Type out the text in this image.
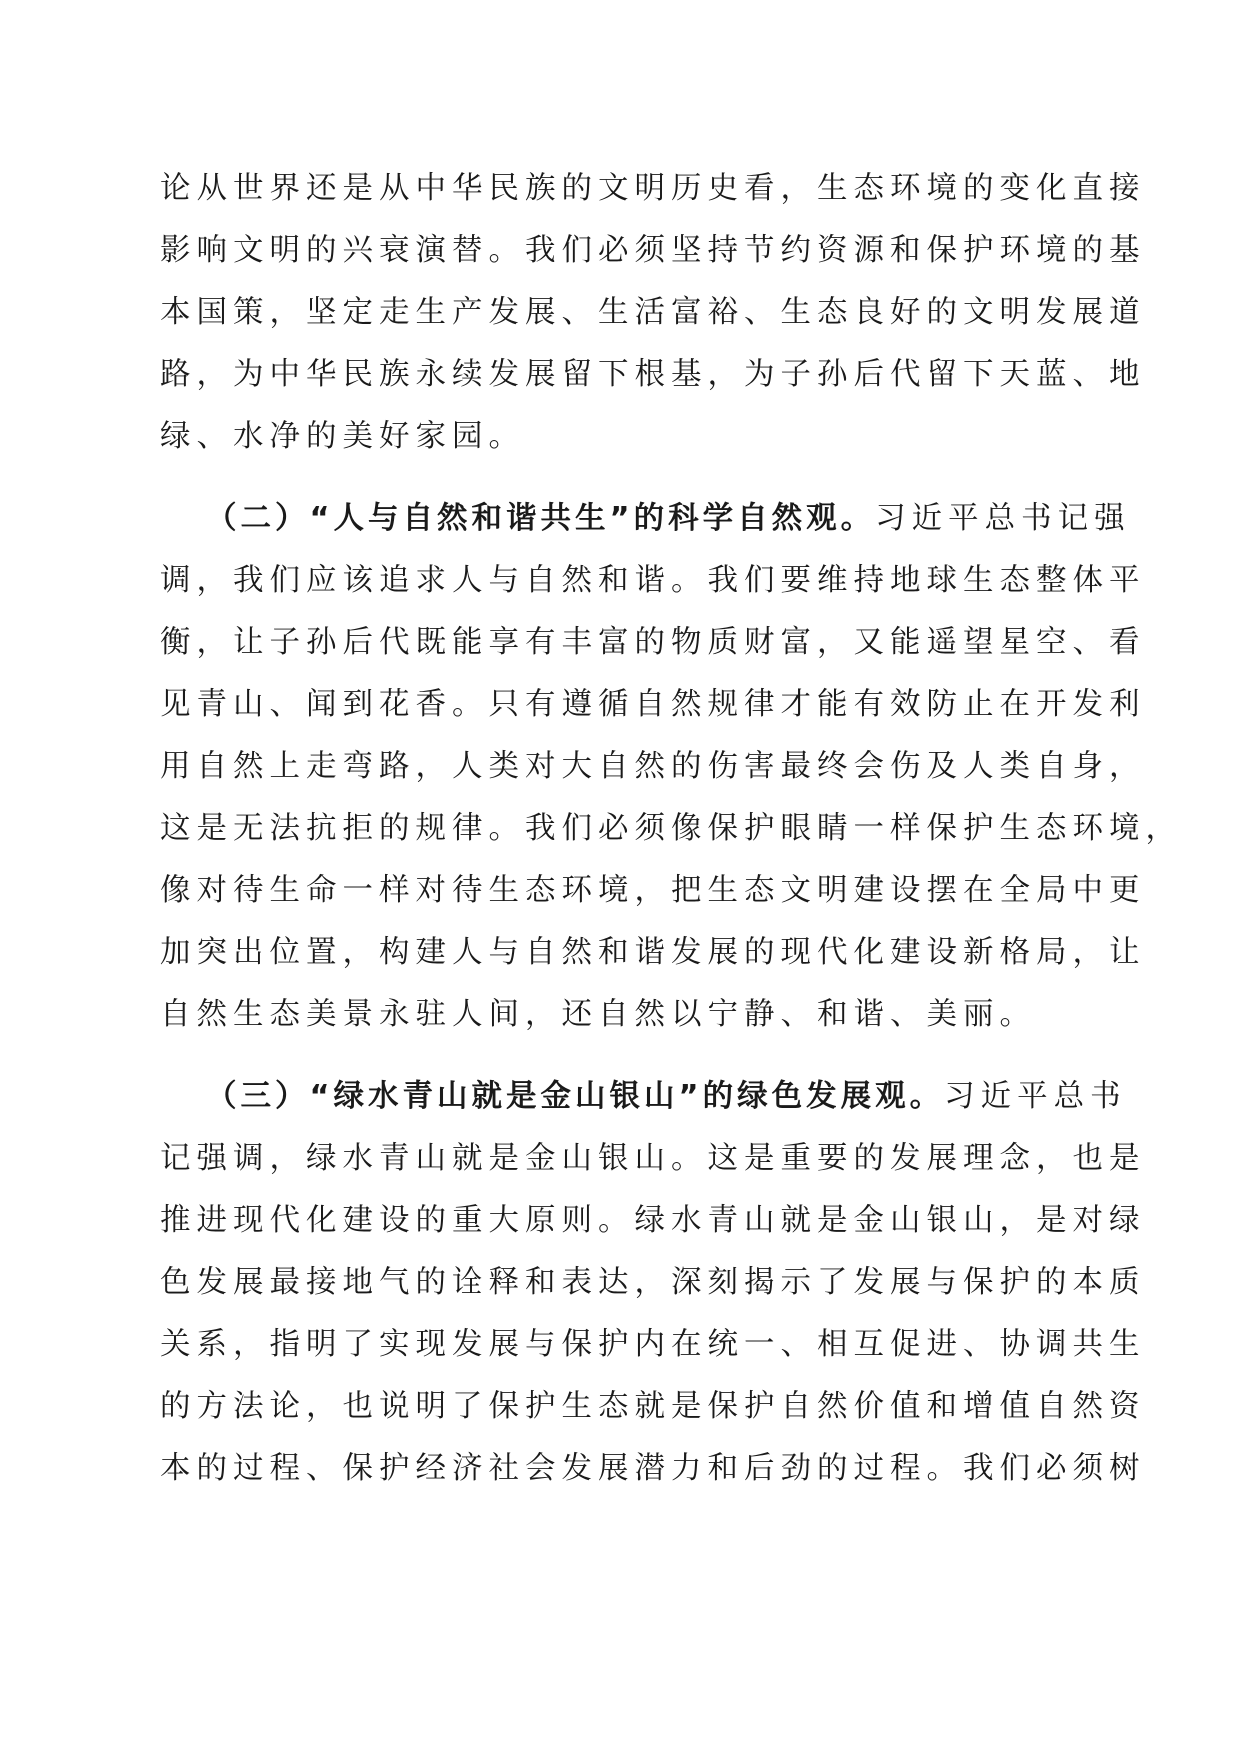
论从世界还是从中华民族的文明历史看，生态环境的变化直接
影响文明的兴衰演替。我们必须坚持节约资源和保护环境的基
本国策，坚定走生产发展、生活富裕、生态良好的文明发展道
路，为中华民族永续发展留下根基，为子孙后代留下天蓝、地
绿、水净的美好家园。
（二）“人与自然和谐共生”的科学自然观。习近平总书记强
调，我们应该追求人与自然和谐。我们要维持地球生态整体平
衡，让子孙后代既能享有丰富的物质财富，又能遥望星空、看
见青山、闻到花香。只有遵循自然规律才能有效防止在开发利
用自然上走弯路，人类对大自然的伤害最终会伤及人类自身，
这是无法抗拒的规律。我们必须像保护眼睛一样保护生态环境，
像对待生命一样对待生态环境，把生态文明建设摆在全局中更
加突出位置，构建人与自然和谐发展的现代化建设新格局，让
自然生态美景永驻人间，还自然以宁静、和谐、美丽。
（三）“绿水青山就是金山银山”的绿色发展观。习近平总书
记强调，绿水青山就是金山银山。这是重要的发展理念，也是
推进现代化建设的重大原则。绿水青山就是金山银山，是对绿
色发展最接地气的诠释和表达，深刻揭示了发展与保护的本质
关系，指明了实现发展与保护内在统一、相互促进、协调共生
的方法论，也说明了保护生态就是保护自然价值和增值自然资
本的过程、保护经济社会发展潜力和后劲的过程。我们必须树
